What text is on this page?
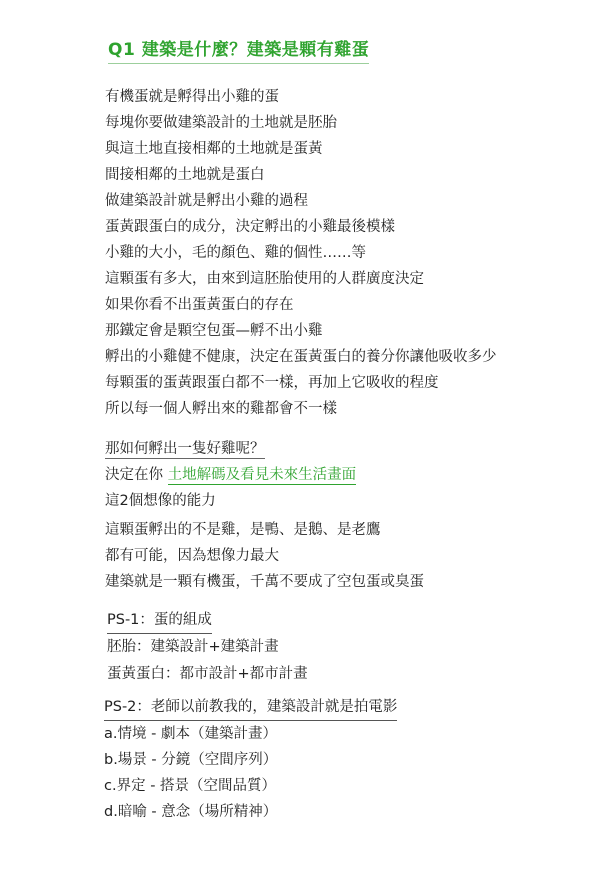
Q1 建築是什麼？建築是顆有雞蛋
有機蛋就是孵得出小雞的蛋
每塊你要做建築設計的土地就是胚胎
與這土地直接相鄰的土地就是蛋黃
間接相鄰的土地就是蛋白
做建築設計就是孵出小雞的過程
蛋黃跟蛋白的成分，決定孵出的小雞最後模樣
小雞的大小，毛的顏色、雞的個性……等
這顆蛋有多大，由來到這胚胎使用的人群廣度決定
如果你看不出蛋黃蛋白的存在
那鐵定會是顆空包蛋—孵不出小雞
孵出的小雞健不健康，決定在蛋黃蛋白的養分你讓他吸收多少
每顆蛋的蛋黃跟蛋白都不一樣，再加上它吸收的程度
所以每一個人孵出來的雞都會不一樣
那如何孵出一隻好雞呢？
決定在你 土地解碼及看見未來生活畫面
這2個想像的能力
這顆蛋孵出的不是雞，是鴨、是鵝、是老鷹
都有可能，因為想像力最大
建築就是一顆有機蛋，千萬不要成了空包蛋或臭蛋
PS-1：蛋的組成
胚胎：建築設計+建築計畫
蛋黃蛋白：都市設計+都市計畫
PS-2：老師以前教我的，建築設計就是拍電影
a.情境 - 劇本（建築計畫）
b.場景 - 分鏡（空間序列）
c.界定 - 搭景（空間品質）
d.暗喻 - 意念（場所精神）
